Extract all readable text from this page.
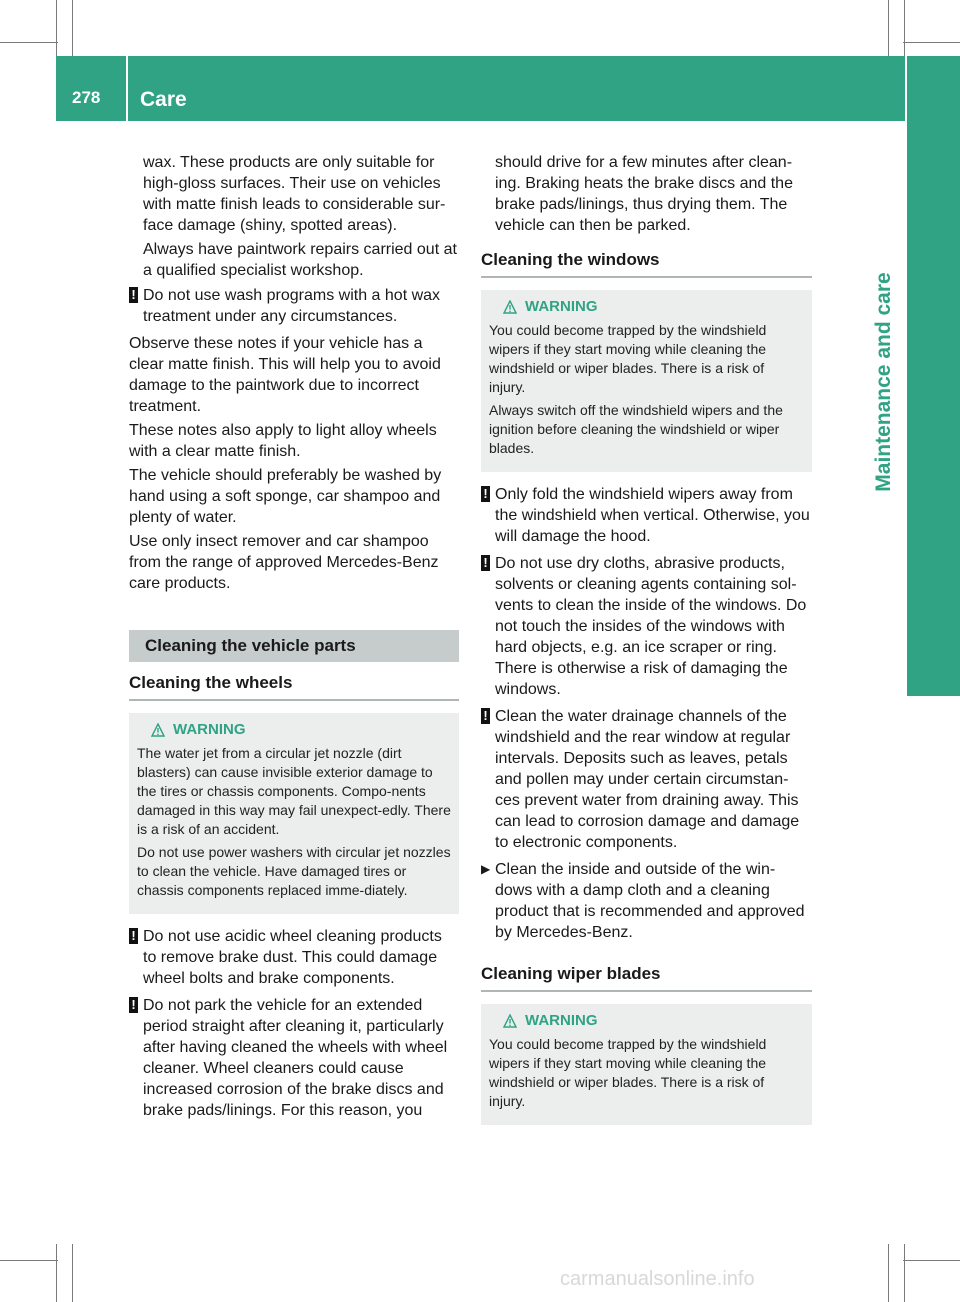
278 Care
Maintenance and care
wax. These products are only suitable for high-gloss surfaces. Their use on vehicles with matte finish leads to considerable sur-face damage (shiny, spotted areas).
Always have paintwork repairs carried out at a qualified specialist workshop.
! Do not use wash programs with a hot wax treatment under any circumstances.
Observe these notes if your vehicle has a clear matte finish. This will help you to avoid damage to the paintwork due to incorrect treatment.
These notes also apply to light alloy wheels with a clear matte finish.
The vehicle should preferably be washed by hand using a soft sponge, car shampoo and plenty of water.
Use only insect remover and car shampoo from the range of approved Mercedes-Benz care products.
Cleaning the vehicle parts
Cleaning the wheels
WARNING
The water jet from a circular jet nozzle (dirt blasters) can cause invisible exterior damage to the tires or chassis components. Compo-nents damaged in this way may fail unexpect-edly. There is a risk of an accident.
Do not use power washers with circular jet nozzles to clean the vehicle. Have damaged tires or chassis components replaced imme-diately.
! Do not use acidic wheel cleaning products to remove brake dust. This could damage wheel bolts and brake components.
! Do not park the vehicle for an extended period straight after cleaning it, particularly after having cleaned the wheels with wheel cleaner. Wheel cleaners could cause increased corrosion of the brake discs and brake pads/linings. For this reason, you
should drive for a few minutes after clean-ing. Braking heats the brake discs and the brake pads/linings, thus drying them. The vehicle can then be parked.
Cleaning the windows
WARNING
You could become trapped by the windshield wipers if they start moving while cleaning the windshield or wiper blades. There is a risk of injury.
Always switch off the windshield wipers and the ignition before cleaning the windshield or wiper blades.
! Only fold the windshield wipers away from the windshield when vertical. Otherwise, you will damage the hood.
! Do not use dry cloths, abrasive products, solvents or cleaning agents containing sol-vents to clean the inside of the windows. Do not touch the insides of the windows with hard objects, e.g. an ice scraper or ring. There is otherwise a risk of damaging the windows.
! Clean the water drainage channels of the windshield and the rear window at regular intervals. Deposits such as leaves, petals and pollen may under certain circumstan-ces prevent water from draining away. This can lead to corrosion damage and damage to electronic components.
▶ Clean the inside and outside of the win-dows with a damp cloth and a cleaning product that is recommended and approved by Mercedes-Benz.
Cleaning wiper blades
WARNING
You could become trapped by the windshield wipers if they start moving while cleaning the windshield or wiper blades. There is a risk of injury.
carmanualsonline.info
